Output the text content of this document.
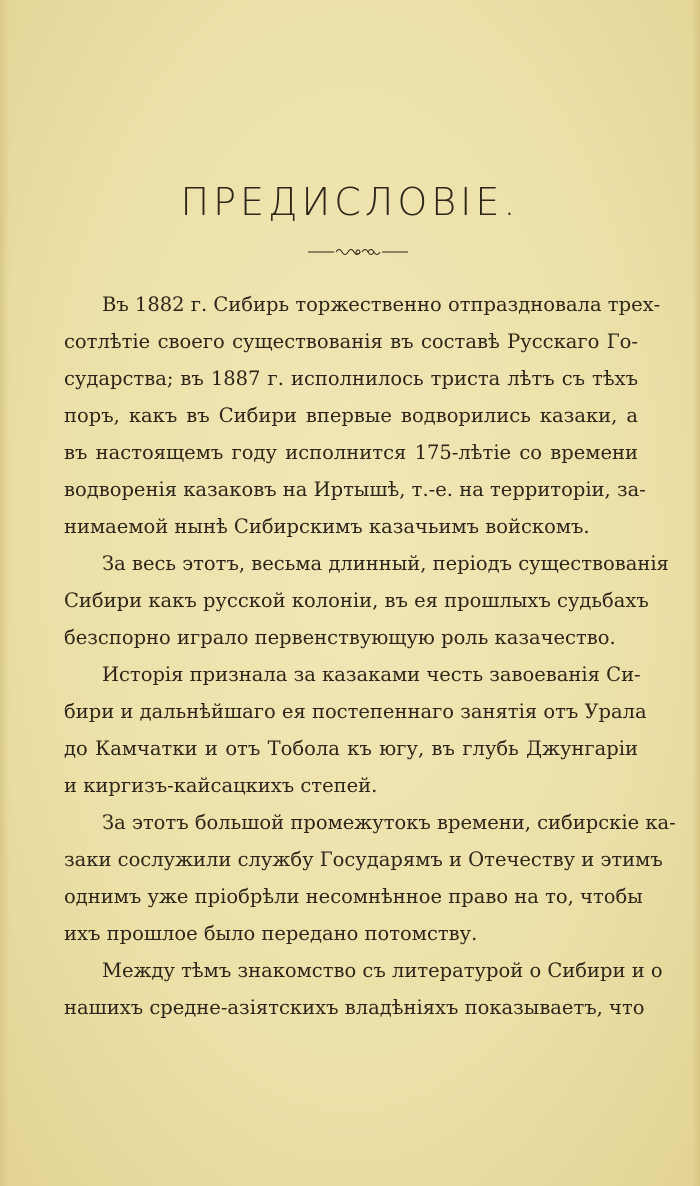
ПРЕДИСЛОВIЕ.
Въ 1882 г. Сибирь торжественно отпраздновала трех-
сотлѣтiе своего существованiя въ составѣ Русскаго Го-
сударства; въ 1887 г. исполнилось триста лѣтъ съ тѣхъ
поръ, какъ въ Сибири впервые водворились казаки, а
въ настоящемъ году исполнится 175-лѣтiе со времени
водворенiя казаковъ на Иртышѣ, т.-е. на территорiи, за-
нимаемой нынѣ Сибирскимъ казачьимъ войскомъ.
За весь этотъ, весьма длинный, перiодъ существованiя
Сибири какъ русской колонiи, въ ея прошлыхъ судьбахъ
безспорно играло первенствующую роль казачество.
Исторiя признала за казаками честь завоеванiя Си-
бири и дальнѣйшаго ея постепеннаго занятiя отъ Урала
до Камчатки и отъ Тобола къ югу, въ глубь Джунгарiи
и киргизъ-кайсацкихъ степей.
За этотъ большой промежутокъ времени, сибирскiе ка-
заки сослужили службу Государямъ и Отечеству и этимъ
однимъ уже прiобрѣли несомнѣнное право на то, чтобы
ихъ прошлое было передано потомству.
Между тѣмъ знакомство съ литературой о Сибири и о
нашихъ средне-азiятскихъ владѣнiяхъ показываетъ, что
